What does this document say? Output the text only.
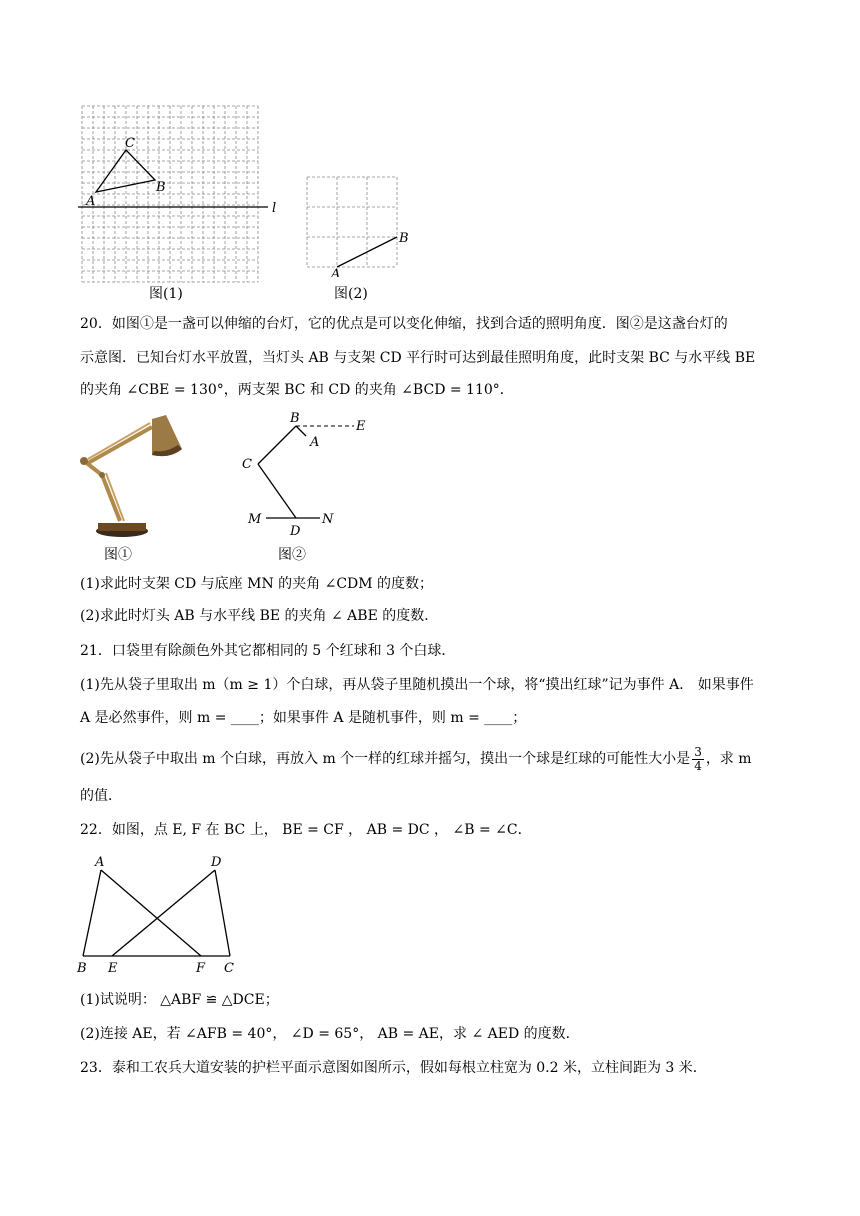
C
B
A	l
图(1)
B
A
图(2)
20．如图①是一盏可以伸缩的台灯，它的优点是可以变化伸缩，找到合适的照明角度．图②是这盏台灯的
示意图．已知台灯水平放置，当灯头 AB 与支架 CD 平行时可达到最佳照明角度，此时支架 BC 与水平线 BE
的夹角 ∠CBE = 130°，两支架 BC 和 CD 的夹角 ∠BCD = 110°．
图①
B
A
E
C
M
D
N
图②
(1)求此时支架 CD 与底座 MN 的夹角 ∠CDM 的度数；
(2)求此时灯头 AB 与水平线 BE 的夹角 ∠ ABE 的度数．
21．口袋里有除颜色外其它都相同的 5 个红球和 3 个白球．
(1)先从袋子里取出 m（m ≥ 1）个白球，再从袋子里随机摸出一个球，将“摸出红球”记为事件 A． 如果事件
A 是必然事件，则 m = ____；如果事件 A 是随机事件，则 m = ____；
(2)先从袋子中取出 m 个白球，再放入 m 个一样的红球并摇匀，摸出一个球是红球的可能性大小是 $\frac{3}{4}$ ，求 m
的值．
22．如图，点 E, F 在 BC 上， BE = CF ， AB = DC ， ∠B = ∠C．
A	D
B E	F C
(1)试说明： △ABF ≌ △DCE；
(2)连接 AE，若 ∠AFB = 40°， ∠D = 65°， AB = AE，求 ∠ AED 的度数．
23．泰和工农兵大道安装的护栏平面示意图如图所示，假如每根立柱宽为 0.2 米，立柱间距为 3 米．
